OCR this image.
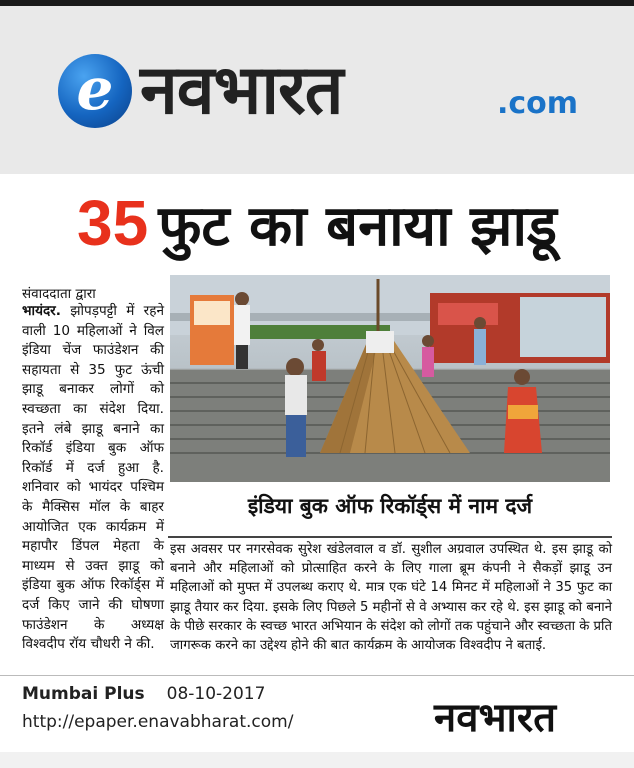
e नवभारत	.com
35 फुट का बनाया झाडू
संवाददाता द्वारा
भायंदर. झोपड़पट्टी में रहने वाली 10 महिलाओं ने विल इंडिया चेंज फाउंडेशन की सहायता से 35 फुट ऊंची झाडू बनाकर लोगों को स्वच्छता का संदेश दिया. इतने लंबे झाडू बनाने का रिकॉर्ड इंडिया बुक ऑफ रिकॉर्ड में दर्ज हुआ है. शनिवार को भायंदर पश्चिम के मैक्सिस मॉल के बाहर आयोजित एक कार्यक्रम में महापौर डिंपल मेहता के माध्यम से उक्त झाडू को इंडिया बुक ऑफ रिकॉर्ड्स में दर्ज किए जाने की घोषणा फाउंडेशन के अध्यक्ष विश्वदीप रॉय चौधरी ने की.
इंडिया बुक ऑफ रिकॉर्ड्स में नाम दर्ज
इस अवसर पर नगरसेवक सुरेश खंडेलवाल व डॉ. सुशील अग्रवाल उपस्थित थे. इस झाडू को बनाने और महिलाओं को प्रोत्साहित करने के लिए गाला ब्रूम कंपनी ने सैकड़ों झाडू उन महिलाओं को मुफ्त में उपलब्ध कराए थे. मात्र एक घंटे 14 मिनट में महिलाओं ने 35 फुट का झाडू तैयार कर दिया. इसके लिए पिछले 5 महीनों से वे अभ्यास कर रहे थे. इस झाडू को बनाने के पीछे सरकार के स्वच्छ भारत अभियान के संदेश को लोगों तक पहुंचाने और स्वच्छता के प्रति जागरूक करने का उद्देश्य होने की बात कार्यक्रम के आयोजक विश्वदीप ने बताई.
Mumbai Plus 08-10-2017
http://epaper.enavabharat.com/	नवभारत
